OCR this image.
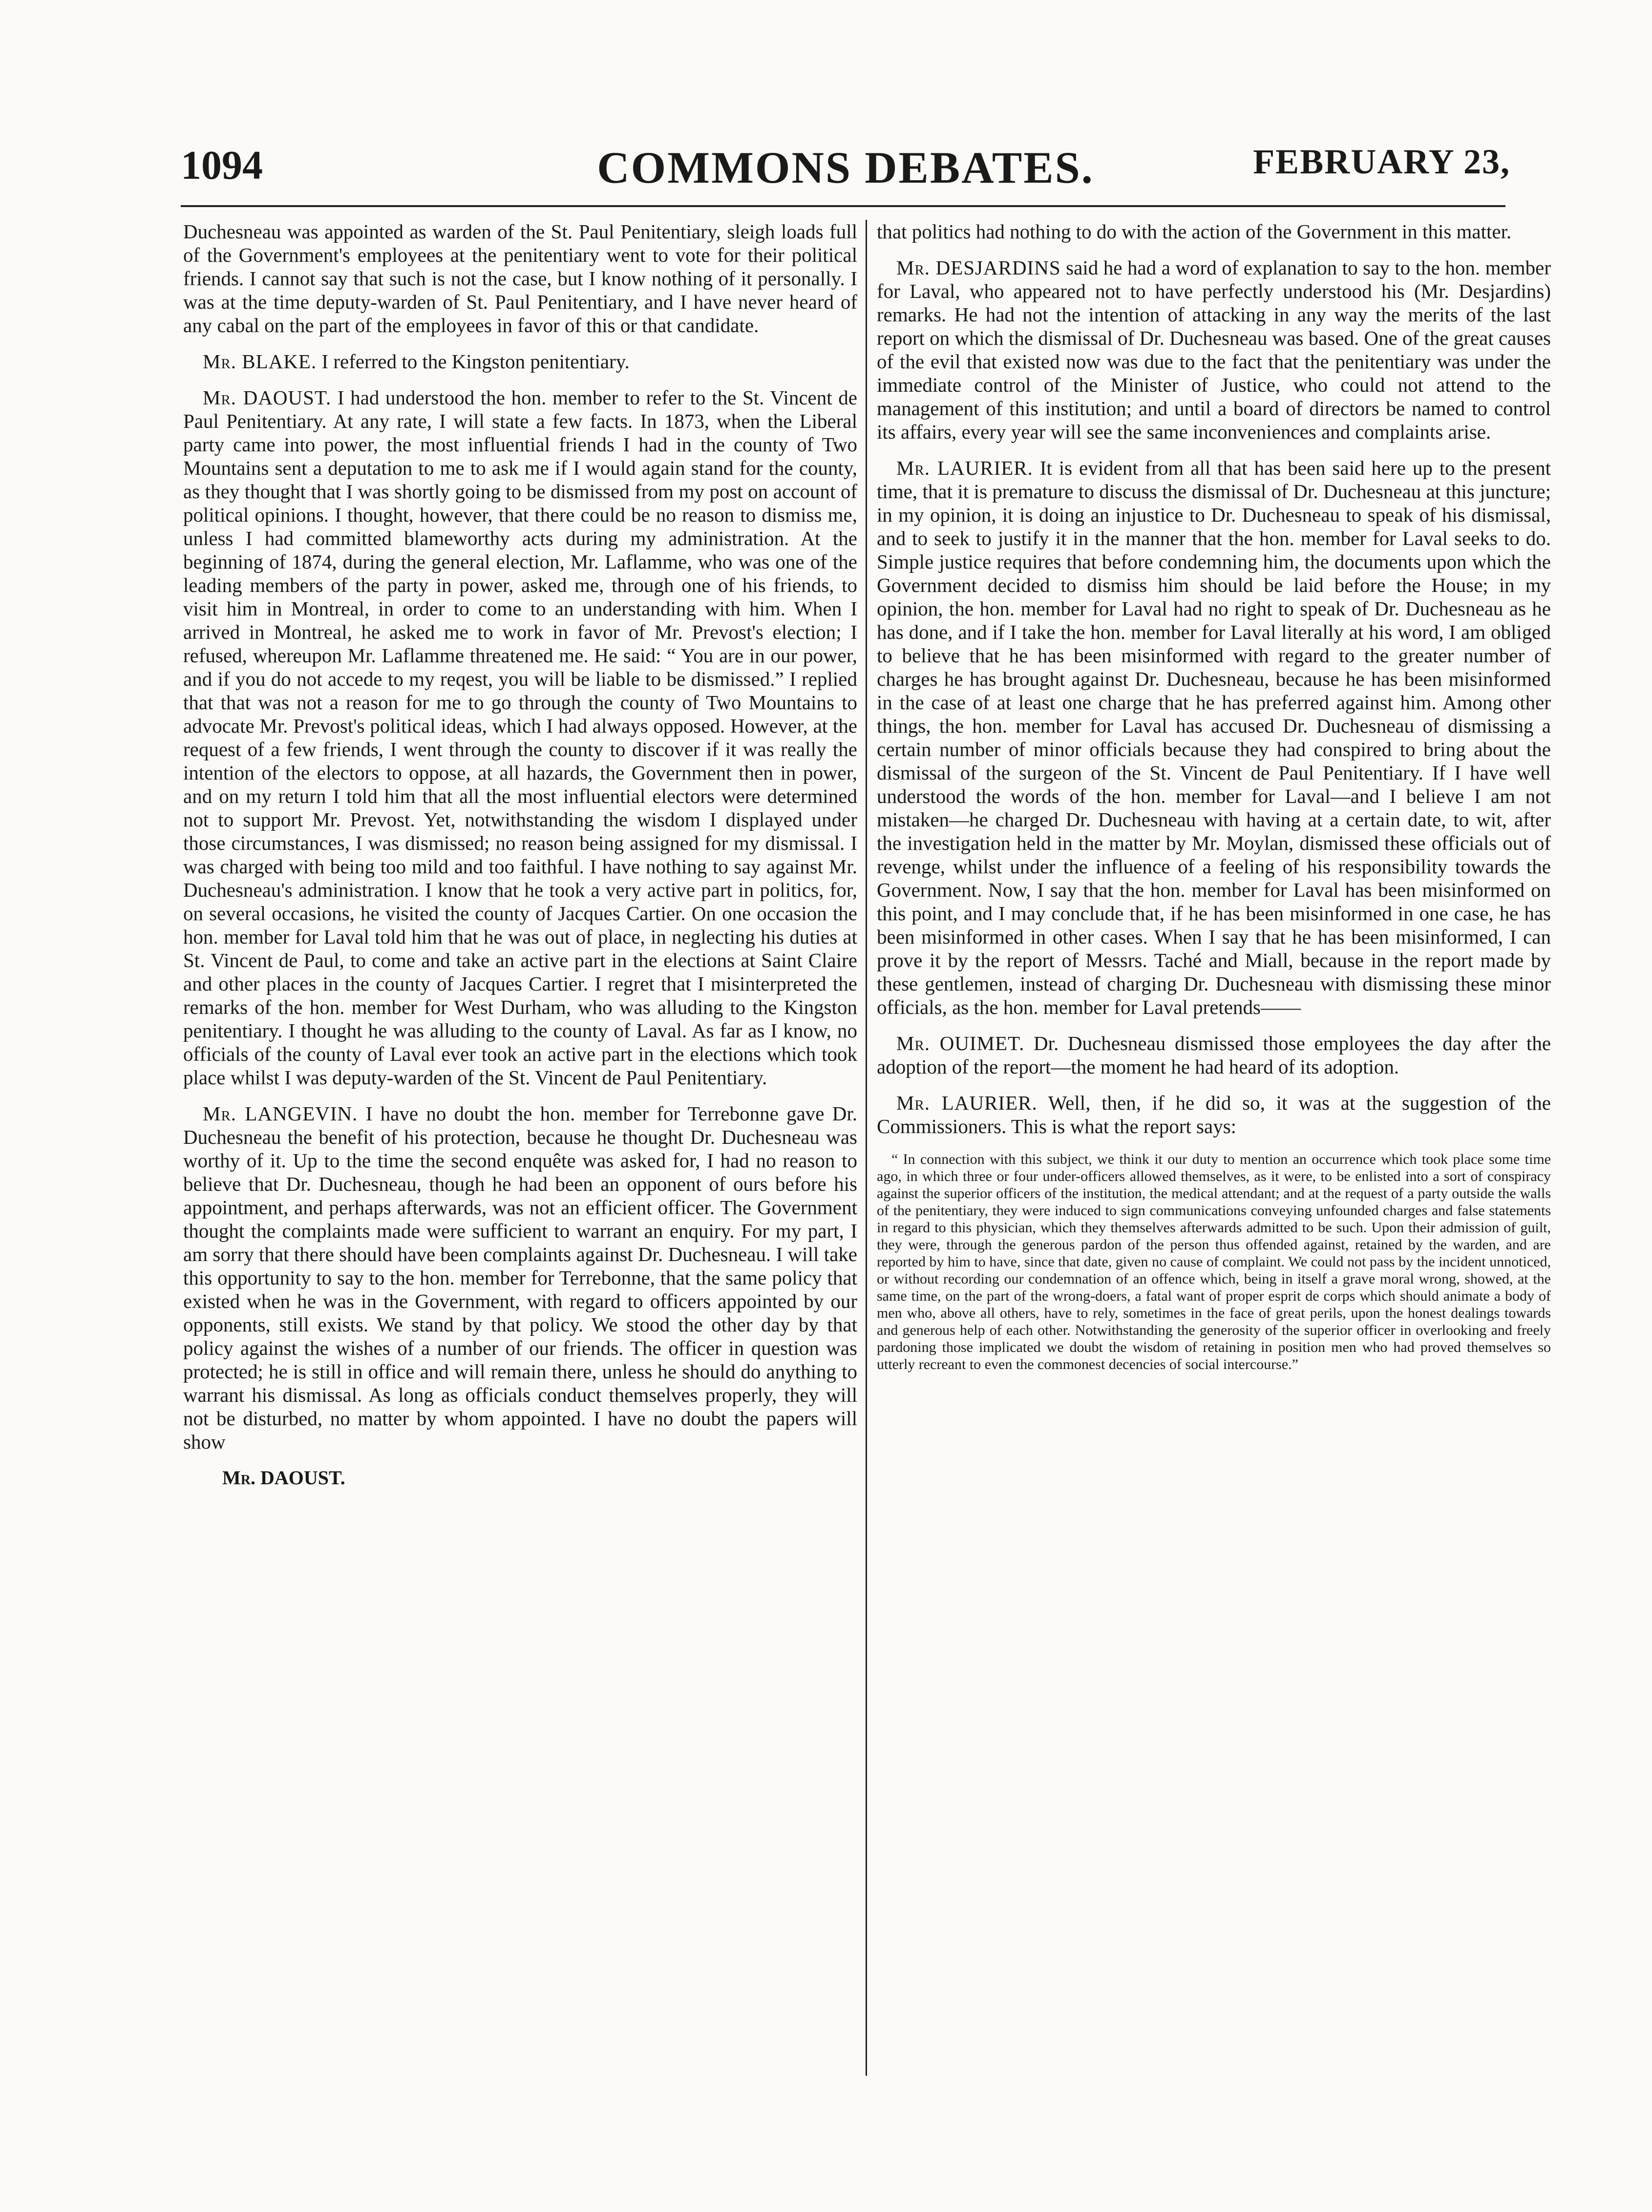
1094	COMMONS DEBATES.	FEBRUARY 23,

Duchesneau was appointed as warden of the St. Paul Penitentiary, sleigh loads full of the Government's employees at the penitentiary went to vote for their political friends. I cannot say that such is not the case, but I know nothing of it personally. I was at the time deputy-warden of St. Paul Penitentiary, and I have never heard of any cabal on the part of the employees in favor of this or that candidate.

Mr. BLAKE. I referred to the Kingston penitentiary.

Mr. DAOUST. I had understood the hon. member to refer to the St. Vincent de Paul Penitentiary. At any rate, I will state a few facts. In 1873, when the Liberal party came into power, the most influential friends I had in the county of Two Mountains sent a deputation to me to ask me if I would again stand for the county, as they thought that I was shortly going to be dismissed from my post on account of political opinions. I thought, however, that there could be no reason to dismiss me, unless I had committed blameworthy acts during my administration. At the beginning of 1874, during the general election, Mr. Laflamme, who was one of the leading members of the party in power, asked me, through one of his friends, to visit him in Montreal, in order to come to an understanding with him. When I arrived in Montreal, he asked me to work in favor of Mr. Prevost's election; I refused, whereupon Mr. Laflamme threatened me. He said: “ You are in our power, and if you do not accede to my reqest, you will be liable to be dismissed.” I replied that that was not a reason for me to go through the county of Two Mountains to advocate Mr. Prevost's political ideas, which I had always opposed. However, at the request of a few friends, I went through the county to discover if it was really the intention of the electors to oppose, at all hazards, the Government then in power, and on my return I told him that all the most influential electors were determined not to support Mr. Prevost. Yet, notwithstanding the wisdom I displayed under those circumstances, I was dismissed; no reason being assigned for my dismissal. I was charged with being too mild and too faithful. I have nothing to say against Mr. Duchesneau's administration. I know that he took a very active part in politics, for, on several occasions, he visited the county of Jacques Cartier. On one occasion the hon. member for Laval told him that he was out of place, in neglecting his duties at St. Vincent de Paul, to come and take an active part in the elections at Saint Claire and other places in the county of Jacques Cartier. I regret that I misinterpreted the remarks of the hon. member for West Durham, who was alluding to the Kingston penitentiary. I thought he was alluding to the county of Laval. As far as I know, no officials of the county of Laval ever took an active part in the elections which took place whilst I was deputy-warden of the St. Vincent de Paul Penitentiary.

Mr. LANGEVIN. I have no doubt the hon. member for Terrebonne gave Dr. Duchesneau the benefit of his protection, because he thought Dr. Duchesneau was worthy of it. Up to the time the second enquête was asked for, I had no reason to believe that Dr. Duchesneau, though he had been an opponent of ours before his appointment, and perhaps afterwards, was not an efficient officer. The Government thought the complaints made were sufficient to warrant an enquiry. For my part, I am sorry that there should have been complaints against Dr. Duchesneau. I will take this opportunity to say to the hon. member for Terrebonne, that the same policy that existed when he was in the Government, with regard to officers appointed by our opponents, still exists. We stand by that policy. We stood the other day by that policy against the wishes of a number of our friends. The officer in question was protected; he is still in office and will remain there, unless he should do anything to warrant his dismissal. As long as officials conduct themselves properly, they will not be disturbed, no matter by whom appointed. I have no doubt the papers will show

Mr. DAOUST.

that politics had nothing to do with the action of the Government in this matter.

Mr. DESJARDINS said he had a word of explanation to say to the hon. member for Laval, who appeared not to have perfectly understood his (Mr. Desjardins) remarks. He had not the intention of attacking in any way the merits of the last report on which the dismissal of Dr. Duchesneau was based. One of the great causes of the evil that existed now was due to the fact that the penitentiary was under the immediate control of the Minister of Justice, who could not attend to the management of this institution; and until a board of directors be named to control its affairs, every year will see the same inconveniences and complaints arise.

Mr. LAURIER. It is evident from all that has been said here up to the present time, that it is premature to discuss the dismissal of Dr. Duchesneau at this juncture; in my opinion, it is doing an injustice to Dr. Duchesneau to speak of his dismissal, and to seek to justify it in the manner that the hon. member for Laval seeks to do. Simple justice requires that before condemning him, the documents upon which the Government decided to dismiss him should be laid before the House; in my opinion, the hon. member for Laval had no right to speak of Dr. Duchesneau as he has done, and if I take the hon. member for Laval literally at his word, I am obliged to believe that he has been misinformed with regard to the greater number of charges he has brought against Dr. Duchesneau, because he has been misinformed in the case of at least one charge that he has preferred against him. Among other things, the hon. member for Laval has accused Dr. Duchesneau of dismissing a certain number of minor officials because they had conspired to bring about the dismissal of the surgeon of the St. Vincent de Paul Penitentiary. If I have well understood the words of the hon. member for Laval—and I believe I am not mistaken—he charged Dr. Duchesneau with having at a certain date, to wit, after the investigation held in the matter by Mr. Moylan, dismissed these officials out of revenge, whilst under the influence of a feeling of his responsibility towards the Government. Now, I say that the hon. member for Laval has been misinformed on this point, and I may conclude that, if he has been misinformed in one case, he has been misinformed in other cases. When I say that he has been misinformed, I can prove it by the report of Messrs. Taché and Miall, because in the report made by these gentlemen, instead of charging Dr. Duchesneau with dismissing these minor officials, as the hon. member for Laval pretends——

Mr. OUIMET. Dr. Duchesneau dismissed those employees the day after the adoption of the report—the moment he had heard of its adoption.

Mr. LAURIER. Well, then, if he did so, it was at the suggestion of the Commissioners. This is what the report says:

“ In connection with this subject, we think it our duty to mention an occurrence which took place some time ago, in which three or four under-officers allowed themselves, as it were, to be enlisted into a sort of conspiracy against the superior officers of the institution, the medical attendant; and at the request of a party outside the walls of the penitentiary, they were induced to sign communications conveying unfounded charges and false statements in regard to this physician, which they themselves afterwards admitted to be such. Upon their admission of guilt, they were, through the generous pardon of the person thus offended against, retained by the warden, and are reported by him to have, since that date, given no cause of complaint. We could not pass by the incident unnoticed, or without recording our condemnation of an offence which, being in itself a grave moral wrong, showed, at the same time, on the part of the wrong-doers, a fatal want of proper esprit de corps which should animate a body of men who, above all others, have to rely, sometimes in the face of great perils, upon the honest dealings towards and generous help of each other. Notwithstanding the generosity of the superior officer in overlooking and freely pardoning those implicated we doubt the wisdom of retaining in position men who had proved themselves so utterly recreant to even the commonest decencies of social intercourse.”
